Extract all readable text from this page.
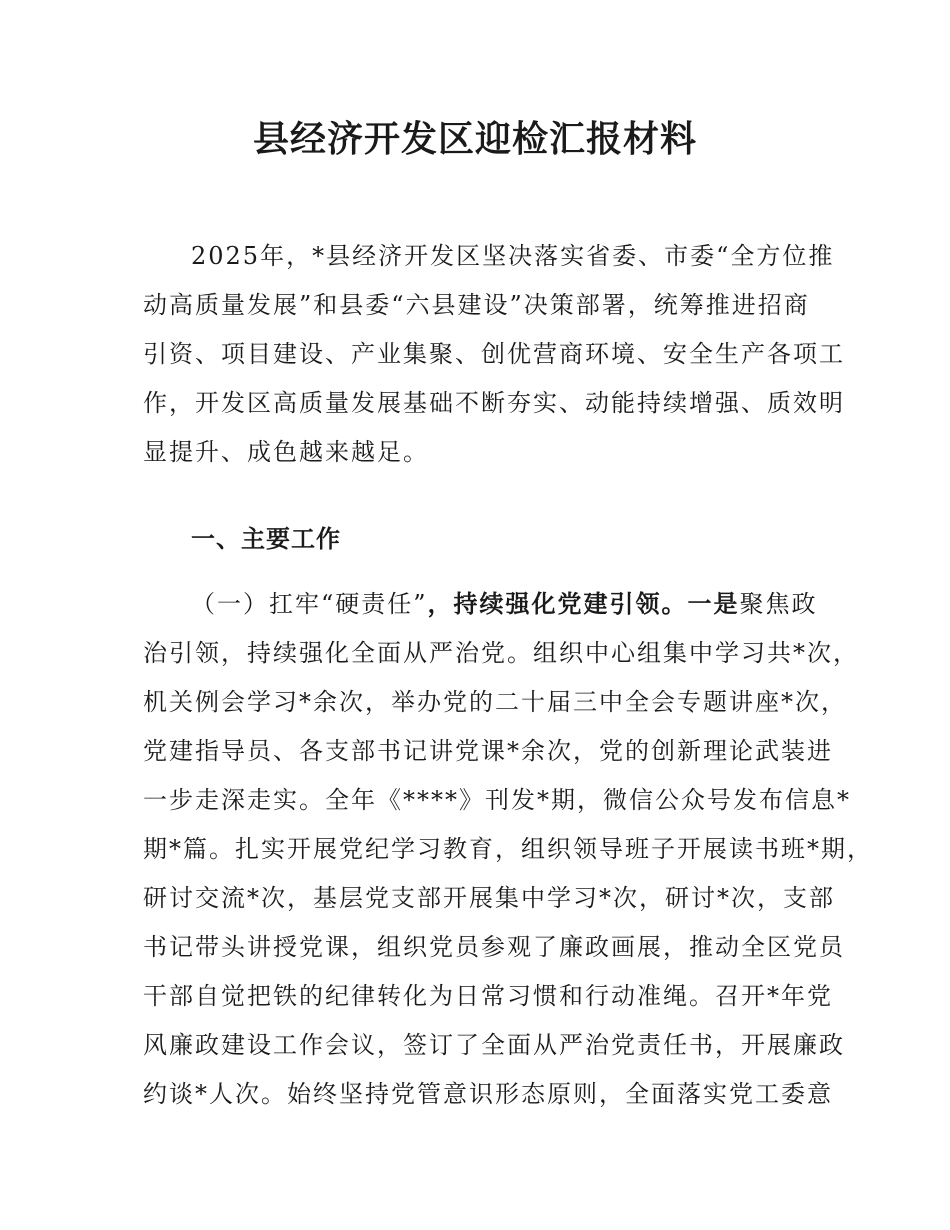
县经济开发区迎检汇报材料
2025年，*县经济开发区坚决落实省委、市委“全方位推
动高质量发展”和县委“六县建设”决策部署，统筹推进招商
引资、项目建设、产业集聚、创优营商环境、安全生产各项工
作，开发区高质量发展基础不断夯实、动能持续增强、质效明
显提升、成色越来越足。
一、主要工作
（一）扛牢“硬责任”，持续强化党建引领。一是聚焦政
治引领，持续强化全面从严治党。组织中心组集中学习共*次，
机关例会学习*余次，举办党的二十届三中全会专题讲座*次，
党建指导员、各支部书记讲党课*余次，党的创新理论武装进
一步走深走实。全年《****》刊发*期，微信公众号发布信息*
期*篇。扎实开展党纪学习教育，组织领导班子开展读书班*期，
研讨交流*次，基层党支部开展集中学习*次，研讨*次，支部
书记带头讲授党课，组织党员参观了廉政画展，推动全区党员
干部自觉把铁的纪律转化为日常习惯和行动准绳。召开*年党
风廉政建设工作会议，签订了全面从严治党责任书，开展廉政
约谈*人次。始终坚持党管意识形态原则，全面落实党工委意
